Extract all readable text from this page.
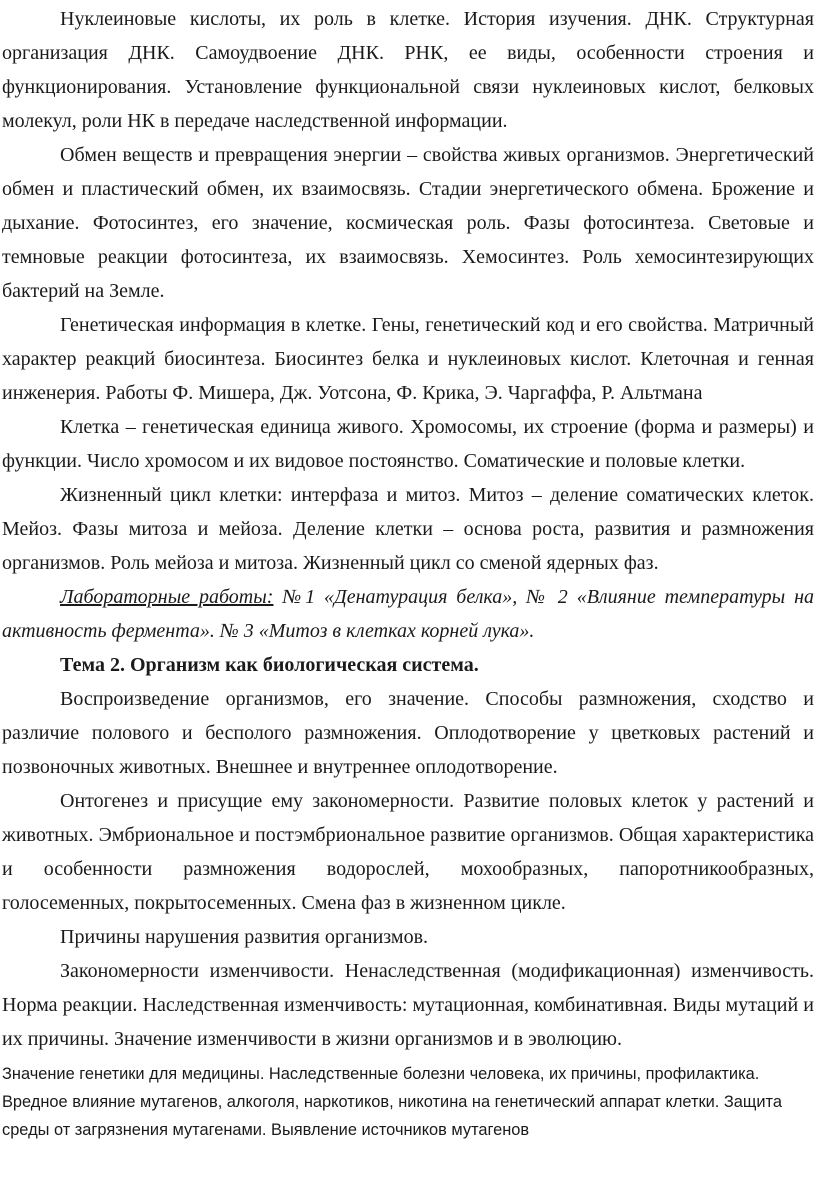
Нуклеиновые кислоты, их роль в клетке. История изучения. ДНК. Структурная организация ДНК. Самоудвоение ДНК. РНК, ее виды, особенности строения и функционирования. Установление функциональной связи нуклеиновых кислот, белковых молекул, роли НК в передаче наследственной информации.

Обмен веществ и превращения энергии – свойства живых организмов. Энергетический обмен и пластический обмен, их взаимосвязь. Стадии энергетического обмена. Брожение и дыхание. Фотосинтез, его значение, космическая роль. Фазы фотосинтеза. Световые и темновые реакции фотосинтеза, их взаимосвязь. Хемосинтез. Роль хемосинтезирующих бактерий на Земле.

Генетическая информация в клетке. Гены, генетический код и его свойства. Матричный характер реакций биосинтеза. Биосинтез белка и нуклеиновых кислот. Клеточная и генная инженерия. Работы Ф. Мишера, Дж. Уотсона, Ф. Крика, Э. Чаргаффа, Р. Альтмана

Клетка – генетическая единица живого. Хромосомы, их строение (форма и размеры) и функции. Число хромосом и их видовое постоянство. Соматические и половые клетки.

Жизненный цикл клетки: интерфаза и митоз. Митоз – деление соматических клеток. Мейоз. Фазы митоза и мейоза. Деление клетки – основа роста, развития и размножения организмов. Роль мейоза и митоза. Жизненный цикл со сменой ядерных фаз.

Лабораторные работы: №1 «Денатурация белка», № 2 «Влияние температуры на активность фермента». № 3 «Митоз в клетках корней лука».

Тема 2. Организм как биологическая система.

Воспроизведение организмов, его значение. Способы размножения, сходство и различие полового и бесполого размножения. Оплодотворение у цветковых растений и позвоночных животных. Внешнее и внутреннее оплодотворение.

Онтогенез и присущие ему закономерности. Развитие половых клеток у растений и животных. Эмбриональное и постэмбриональное развитие организмов. Общая характеристика и особенности размножения водорослей, мохообразных, папоротникообразных, голосеменных, покрытосеменных. Смена фаз в жизненном цикле.

Причины нарушения развития организмов.

Закономерности изменчивости. Ненаследственная (модификационная) изменчивость. Норма реакции. Наследственная изменчивость: мутационная, комбинативная. Виды мутаций и их причины. Значение изменчивости в жизни организмов и в эволюцию.

Значение генетики для медицины. Наследственные болезни человека, их причины, профилактика. Вредное влияние мутагенов, алкоголя, наркотиков, никотина на генетический аппарат клетки. Защита среды от загрязнения мутагенами. Выявление источников мутагенов
